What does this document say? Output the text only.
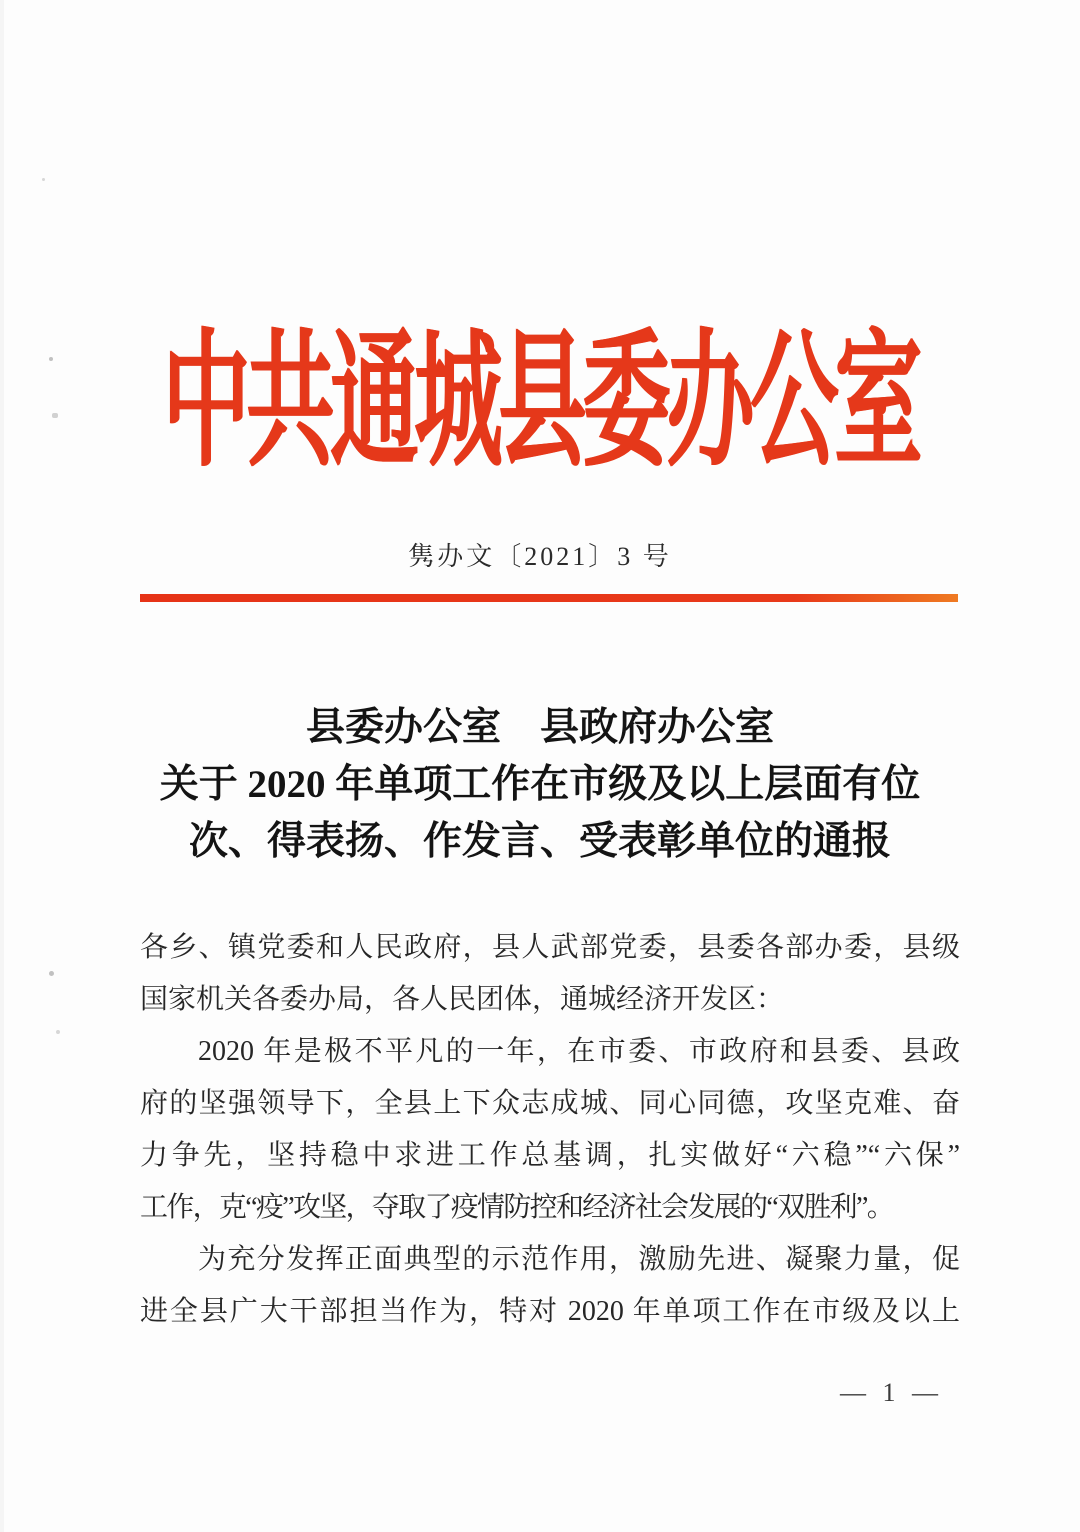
中共通城县委办公室
隽办文〔2021〕3 号
县委办公室　县政府办公室
关于 2020 年单项工作在市级及以上层面有位
次、得表扬、作发言、受表彰单位的通报
各乡、镇党委和人民政府，县人武部党委，县委各部办委，县级
国家机关各委办局，各人民团体，通城经济开发区：
2020 年是极不平凡的一年，在市委、市政府和县委、县政
府的坚强领导下，全县上下众志成城、同心同德，攻坚克难、奋
力争先，坚持稳中求进工作总基调，扎实做好“六稳”“六保”
工作，克“疫”攻坚，夺取了疫情防控和经济社会发展的“双胜利”。
为充分发挥正面典型的示范作用，激励先进、凝聚力量，促
进全县广大干部担当作为，特对 2020 年单项工作在市级及以上
— 1 —
